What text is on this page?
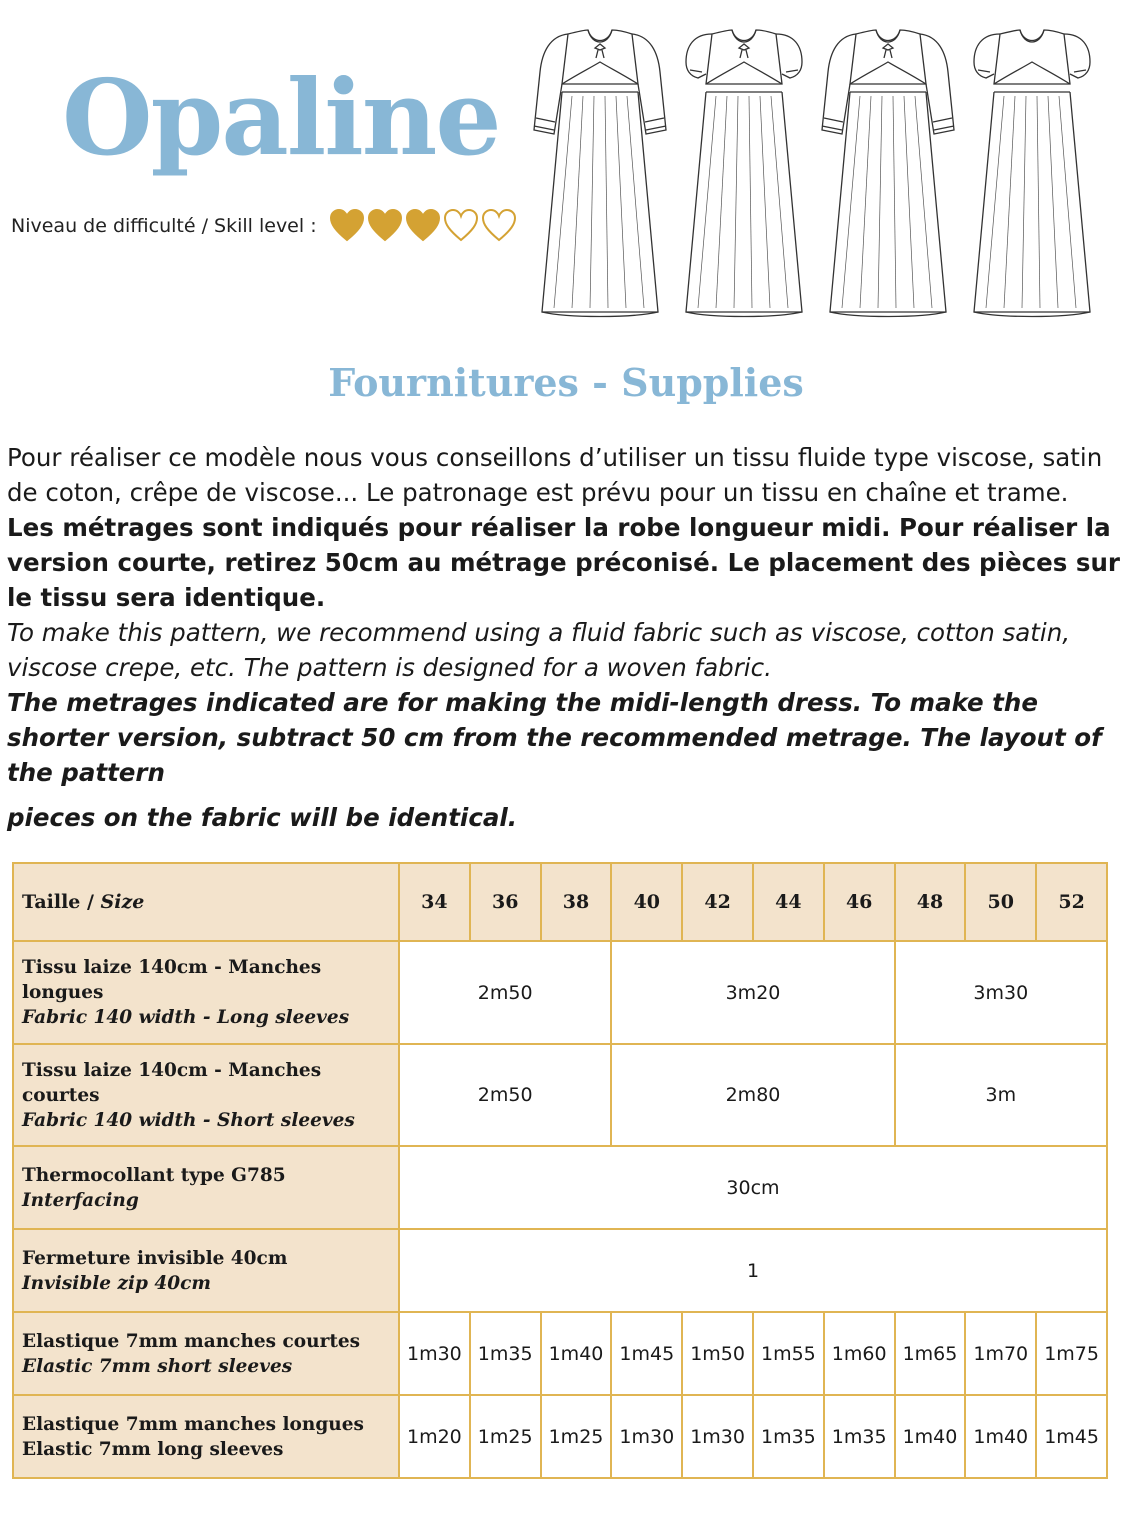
Opaline
Niveau de difficulté / Skill level :
Fournitures - Supplies

Pour réaliser ce modèle nous vous conseillons d’utiliser un tissu fluide type viscose, satin de coton, crêpe de viscose... Le patronage est prévu pour un tissu en chaîne et trame.

Les métrages sont indiqués pour réaliser la robe longueur midi. Pour réaliser la version courte, retirez 50cm au métrage préconisé. Le placement des pièces sur le tissu sera identique.

To make this pattern, we recommend using a fluid fabric such as viscose, cotton satin, viscose crepe, etc. The pattern is designed for a woven fabric.

The metrages indicated are for making the midi-length dress. To make the shorter version, subtract 50 cm from the recommended metrage. The layout of the pattern

pieces on the fabric will be identical.

Taille / Size	34	36	38	40	42	44	46	48	50	52

Tissu laize 140cm - Manches longues
Fabric 140 width - Long sleeves	2m50			3m20				3m30		

Tissu laize 140cm - Manches courtes
Fabric 140 width - Short sleeves	2m50			2m80				3m		

Thermocollant type G785
Interfacing	30cm									

Fermeture invisible 40cm
Invisible zip 40cm	1									

Elastique 7mm manches courtes
Elastic 7mm short sleeves	1m30	1m35	1m40	1m45	1m50	1m55	1m60	1m65	1m70	1m75

Elastique 7mm manches longues
Elastic 7mm long sleeves	1m20	1m25	1m25	1m30	1m30	1m35	1m35	1m40	1m40	1m45
